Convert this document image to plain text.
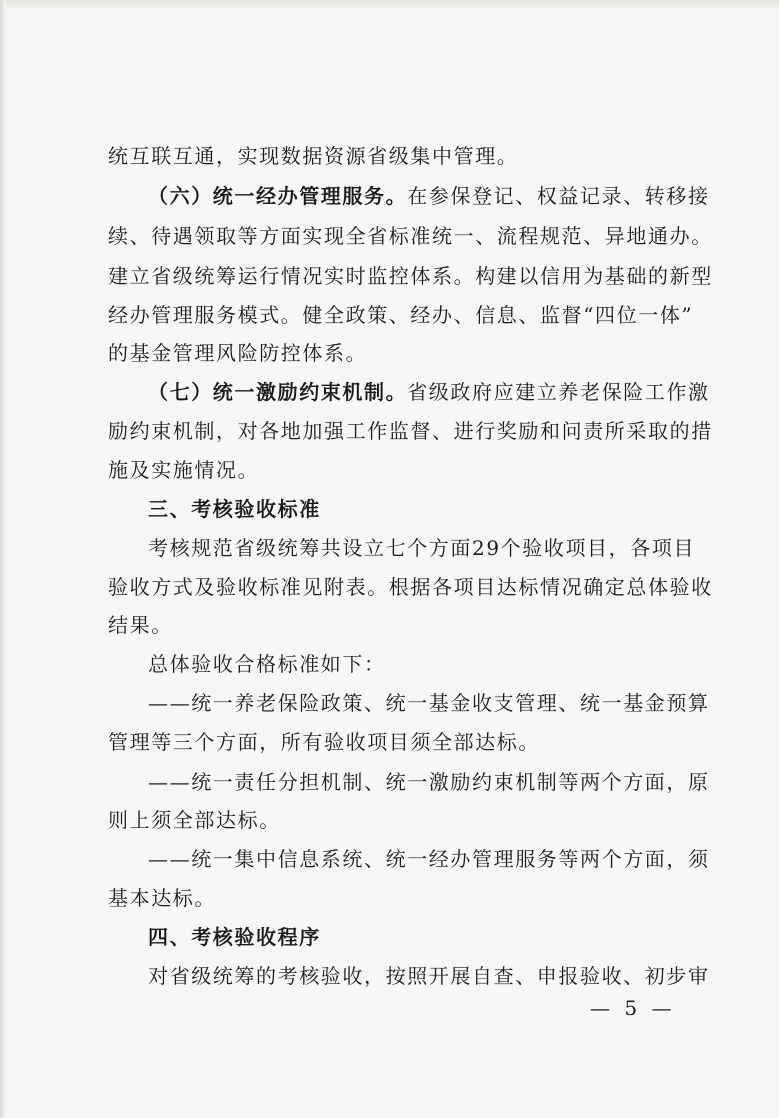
统互联互通，实现数据资源省级集中管理。
（六）统一经办管理服务。在参保登记、权益记录、转移接
续、待遇领取等方面实现全省标准统一、流程规范、异地通办。
建立省级统筹运行情况实时监控体系。构建以信用为基础的新型
经办管理服务模式。健全政策、经办、信息、监督“四位一体”
的基金管理风险防控体系。
（七）统一激励约束机制。省级政府应建立养老保险工作激
励约束机制，对各地加强工作监督、进行奖励和问责所采取的措
施及实施情况。
三、考核验收标准
考核规范省级统筹共设立七个方面29个验收项目，各项目
验收方式及验收标准见附表。根据各项目达标情况确定总体验收
结果。
总体验收合格标准如下：
——统一养老保险政策、统一基金收支管理、统一基金预算
管理等三个方面，所有验收项目须全部达标。
——统一责任分担机制、统一激励约束机制等两个方面，原
则上须全部达标。
——统一集中信息系统、统一经办管理服务等两个方面，须
基本达标。
四、考核验收程序
对省级统筹的考核验收，按照开展自查、申报验收、初步审
— 5 —
